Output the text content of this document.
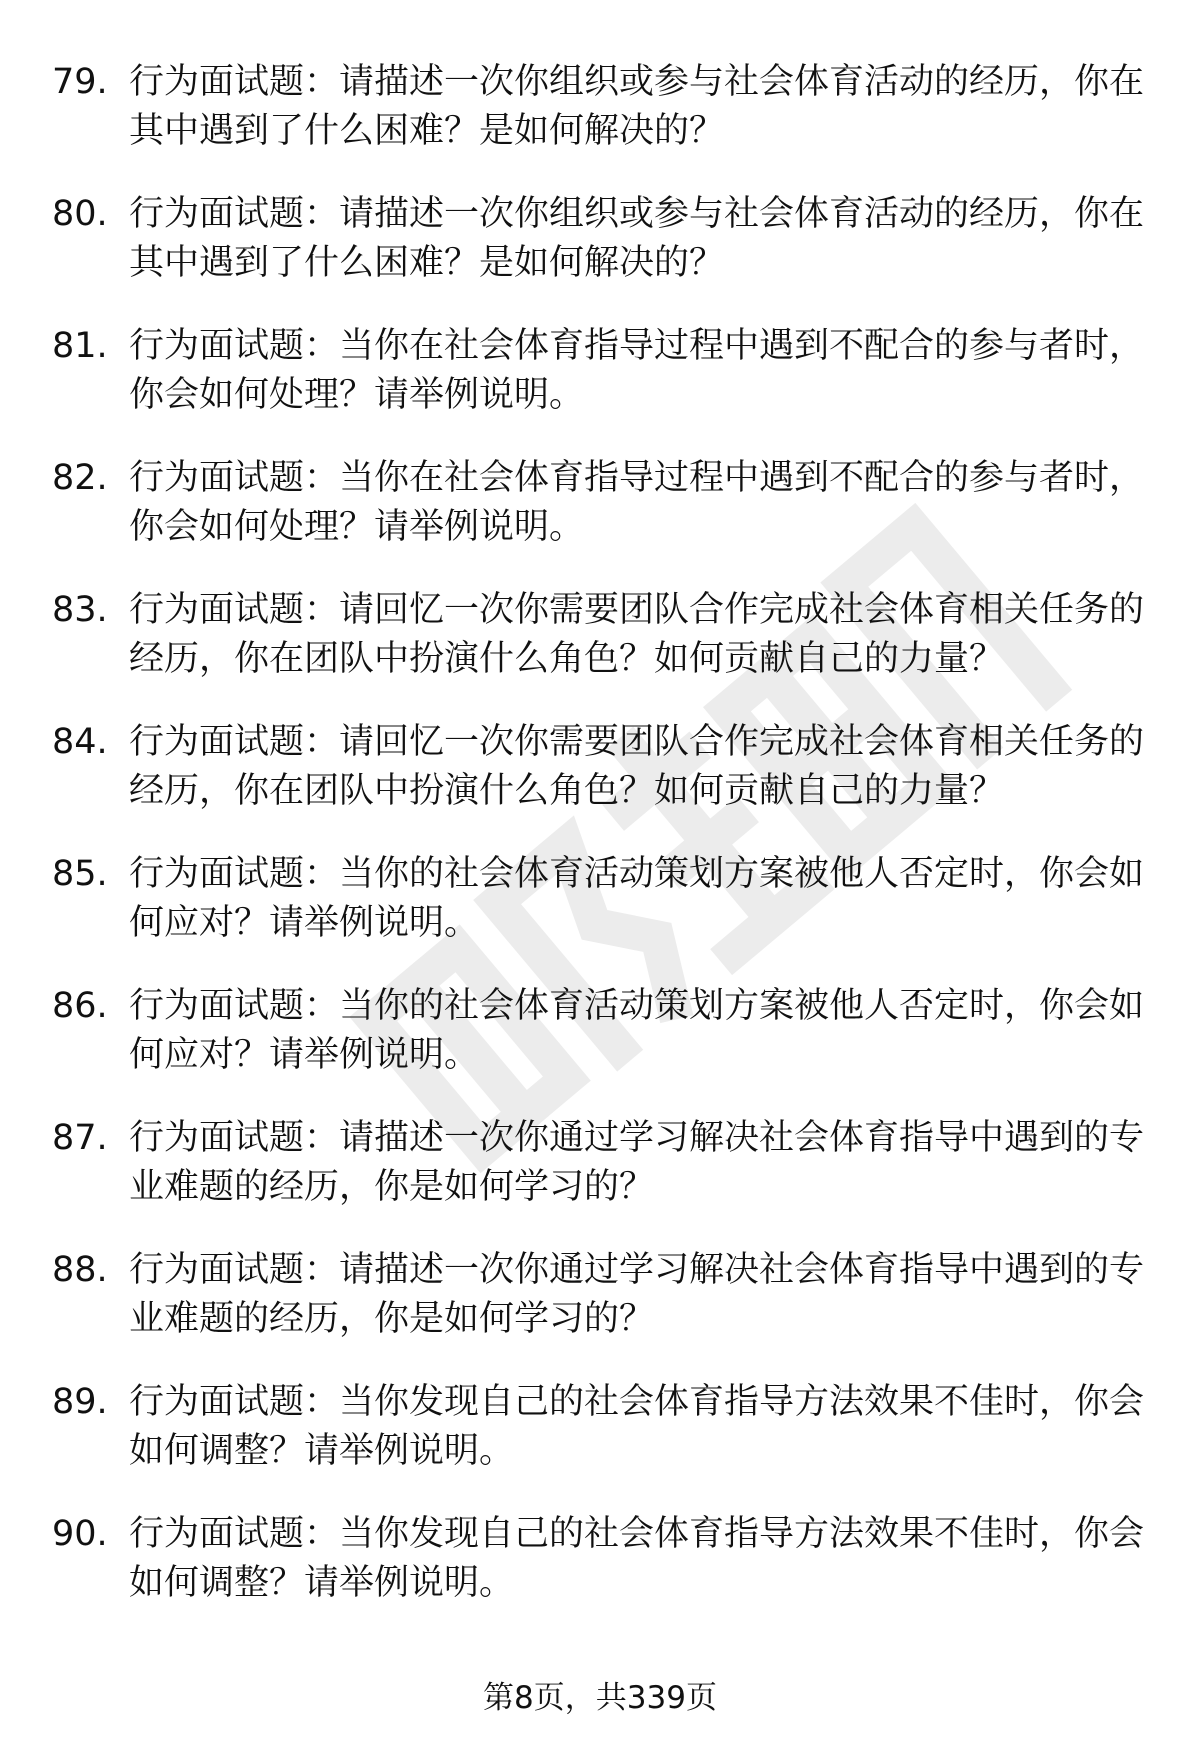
79. 行为面试题：请描述一次你组织或参与社会体育活动的经历，你在其中遇到了什么困难？是如何解决的？
80. 行为面试题：请描述一次你组织或参与社会体育活动的经历，你在其中遇到了什么困难？是如何解决的？
81. 行为面试题：当你在社会体育指导过程中遇到不配合的参与者时，你会如何处理？请举例说明。
82. 行为面试题：当你在社会体育指导过程中遇到不配合的参与者时，你会如何处理？请举例说明。
83. 行为面试题：请回忆一次你需要团队合作完成社会体育相关任务的经历，你在团队中扮演什么角色？如何贡献自己的力量？
84. 行为面试题：请回忆一次你需要团队合作完成社会体育相关任务的经历，你在团队中扮演什么角色？如何贡献自己的力量？
85. 行为面试题：当你的社会体育活动策划方案被他人否定时，你会如何应对？请举例说明。
86. 行为面试题：当你的社会体育活动策划方案被他人否定时，你会如何应对？请举例说明。
87. 行为面试题：请描述一次你通过学习解决社会体育指导中遇到的专业难题的经历，你是如何学习的？
88. 行为面试题：请描述一次你通过学习解决社会体育指导中遇到的专业难题的经历，你是如何学习的？
89. 行为面试题：当你发现自己的社会体育指导方法效果不佳时，你会如何调整？请举例说明。
90. 行为面试题：当你发现自己的社会体育指导方法效果不佳时，你会如何调整？请举例说明。
第8页，共339页
